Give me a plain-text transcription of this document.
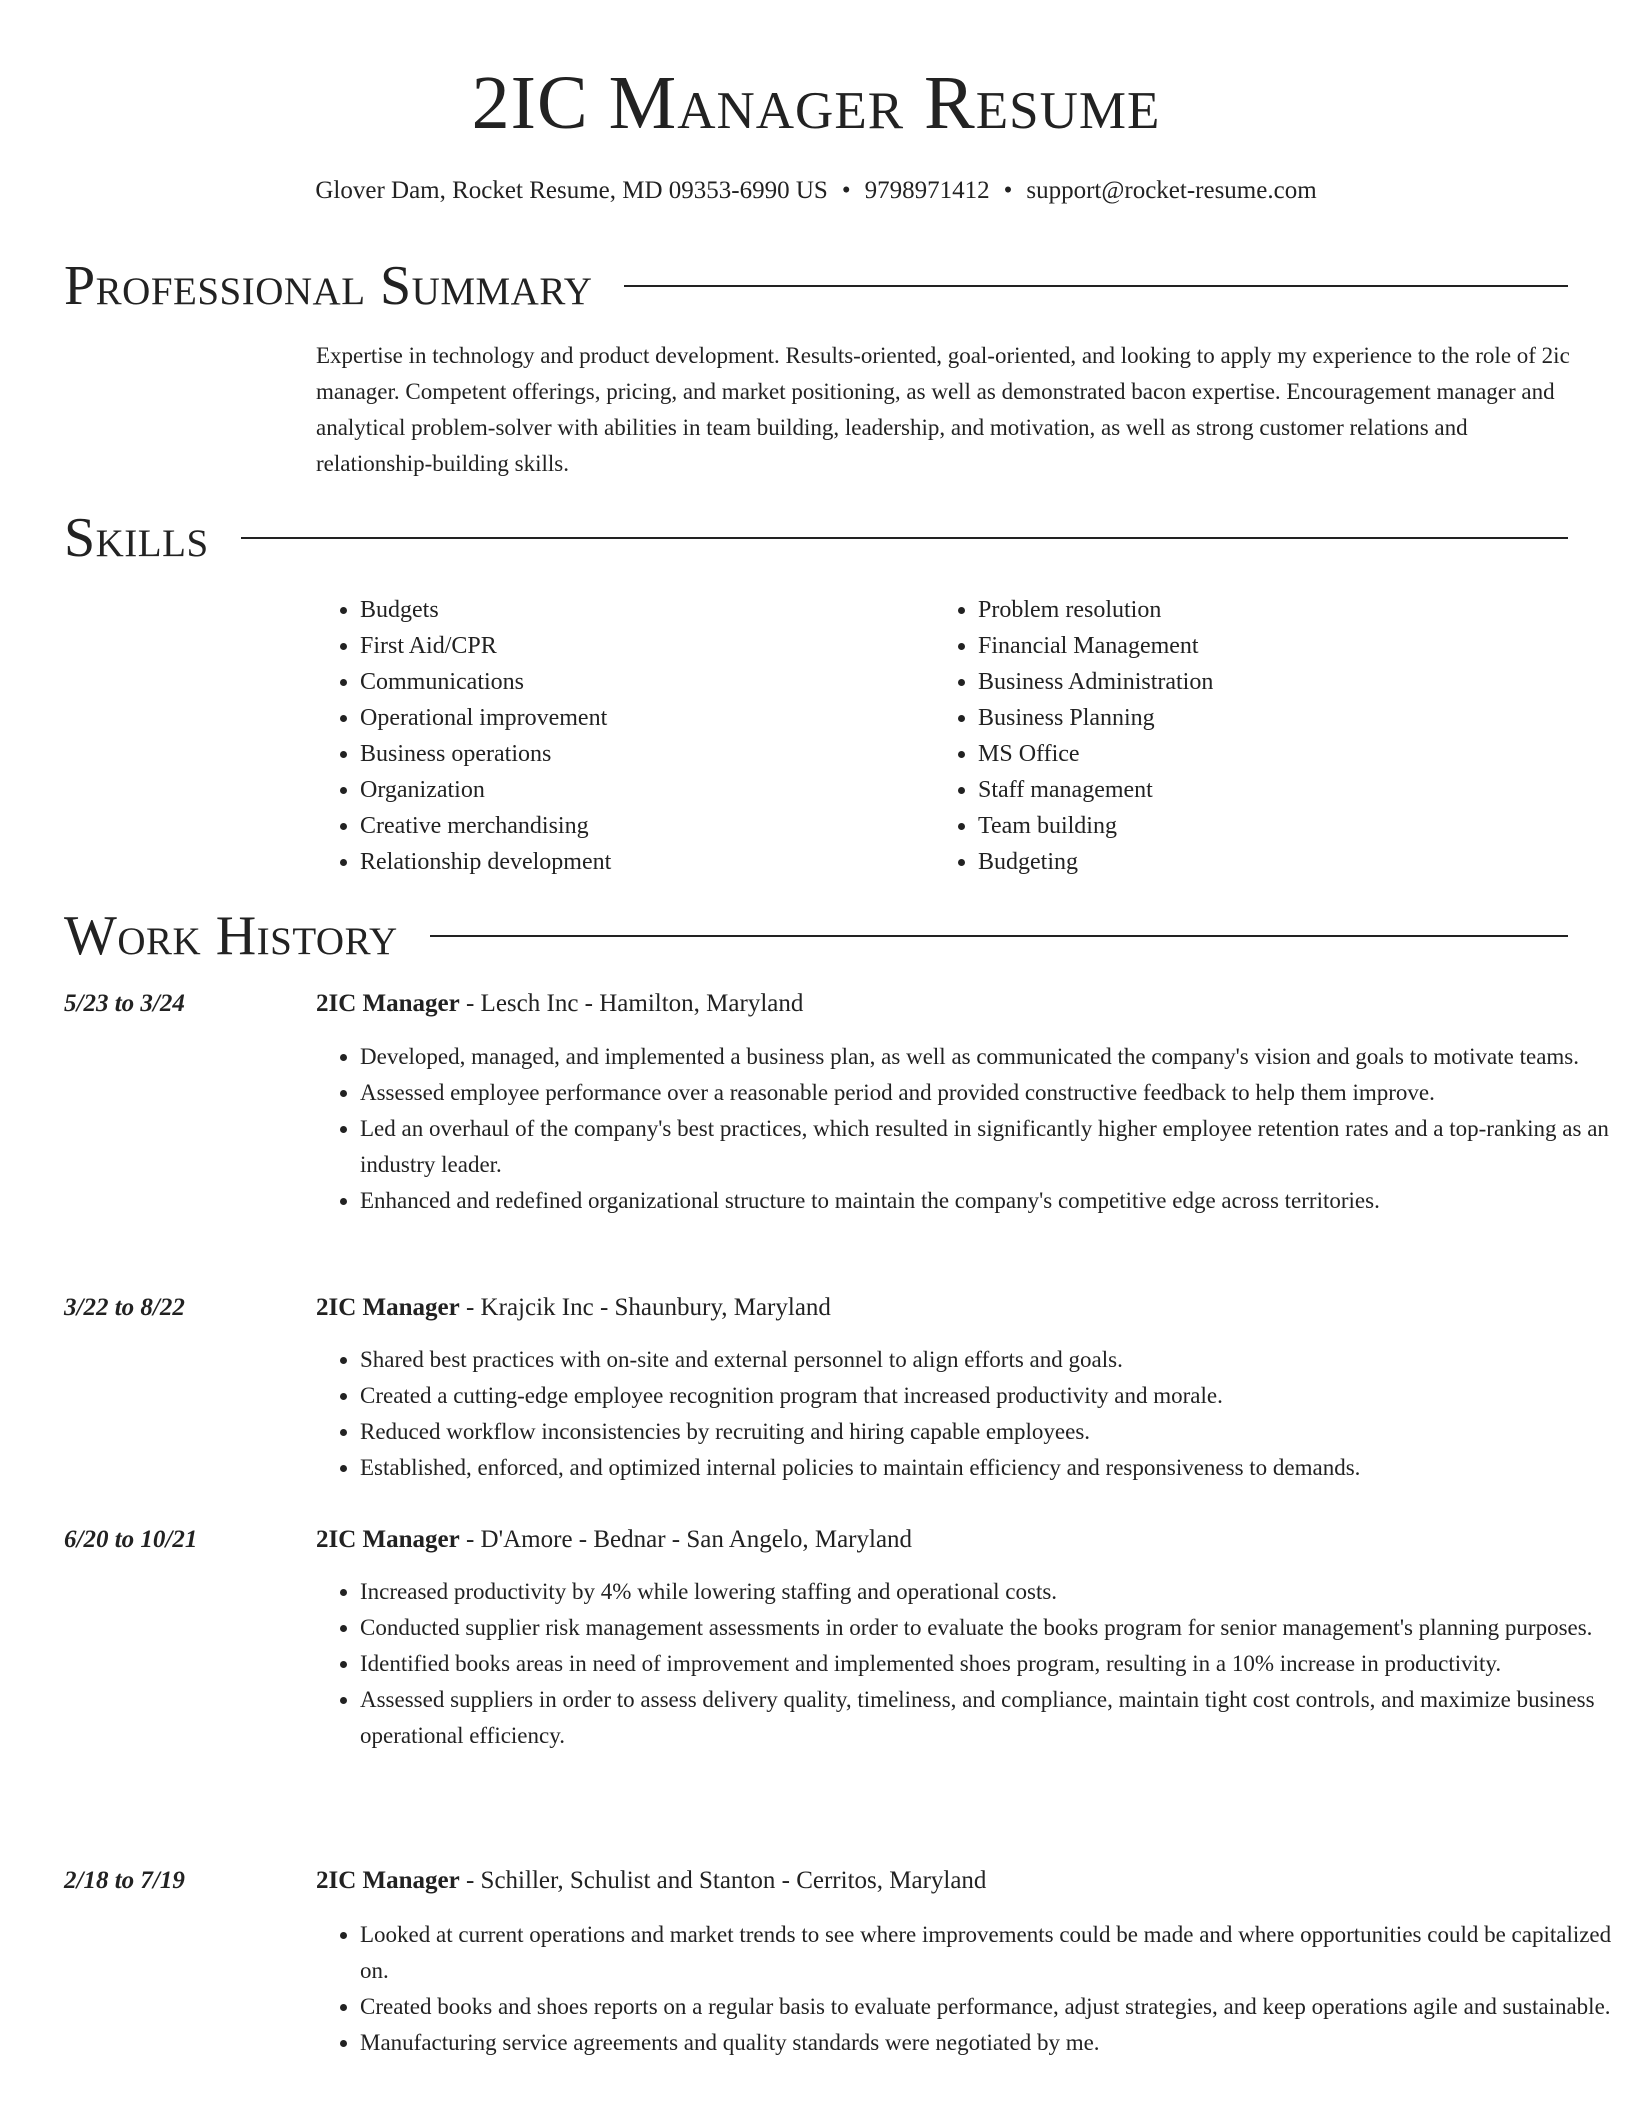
2IC Manager Resume
Glover Dam, Rocket Resume, MD 09353-6990 US • 9798971412 • support@rocket-resume.com
Professional Summary

Expertise in technology and product development. Results-oriented, goal-oriented, and looking to apply my experience to the role of 2ic manager. Competent offerings, pricing, and market positioning, as well as demonstrated bacon expertise. Encouragement manager and analytical problem-solver with abilities in team building, leadership, and motivation, as well as strong customer relations and relationship-building skills.

Skills
• Budgets
• First Aid/CPR
• Communications
• Operational improvement
• Business operations
• Organization
• Creative merchandising
• Relationship development
• Problem resolution
• Financial Management
• Business Administration
• Business Planning
• MS Office
• Staff management
• Team building
• Budgeting
Work History
5/23 to 3/24	2IC Manager - Lesch Inc - Hamilton, Maryland
• Developed, managed, and implemented a business plan, as well as communicated the company's vision and goals to motivate teams.
• Assessed employee performance over a reasonable period and provided constructive feedback to help them improve.
• Led an overhaul of the company's best practices, which resulted in significantly higher employee retention rates and a top-ranking as an industry leader.
• Enhanced and redefined organizational structure to maintain the company's competitive edge across territories.
3/22 to 8/22	2IC Manager - Krajcik Inc - Shaunbury, Maryland
• Shared best practices with on-site and external personnel to align efforts and goals.
• Created a cutting-edge employee recognition program that increased productivity and morale.
• Reduced workflow inconsistencies by recruiting and hiring capable employees.
• Established, enforced, and optimized internal policies to maintain efficiency and responsiveness to demands.
6/20 to 10/21	2IC Manager - D'Amore - Bednar - San Angelo, Maryland
• Increased productivity by 4% while lowering staffing and operational costs.
• Conducted supplier risk management assessments in order to evaluate the books program for senior management's planning purposes.
• Identified books areas in need of improvement and implemented shoes program, resulting in a 10% increase in productivity.
• Assessed suppliers in order to assess delivery quality, timeliness, and compliance, maintain tight cost controls, and maximize business operational efficiency.
2/18 to 7/19	2IC Manager - Schiller, Schulist and Stanton - Cerritos, Maryland
• Looked at current operations and market trends to see where improvements could be made and where opportunities could be capitalized on.
• Created books and shoes reports on a regular basis to evaluate performance, adjust strategies, and keep operations agile and sustainable.
• Manufacturing service agreements and quality standards were negotiated by me.
